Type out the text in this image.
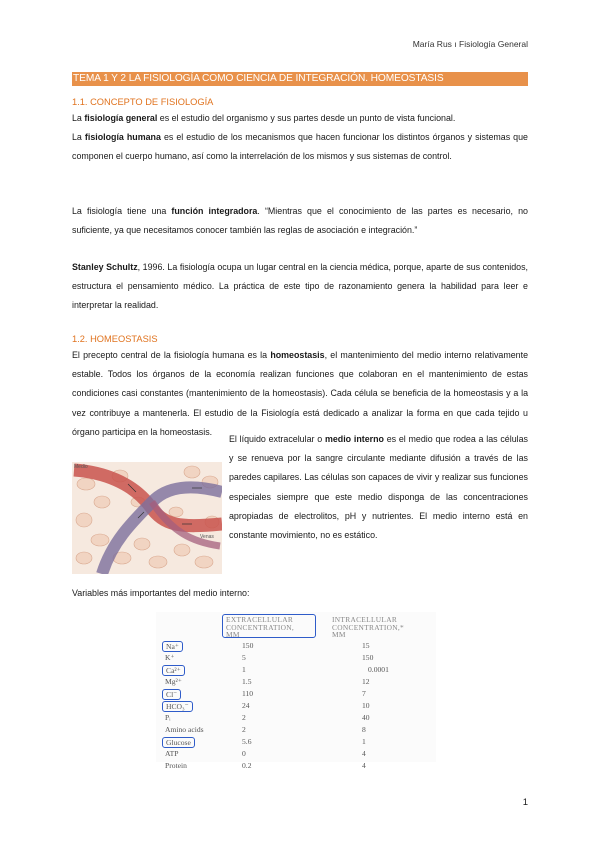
María Rus ı Fisiología General
TEMA 1 Y 2 LA FISIOLOGÍA COMO CIENCIA DE INTEGRACIÓN. HOMEOSTASIS
1.1. CONCEPTO DE FISIOLOGÍA

La fisiología general es el estudio del organismo y sus partes desde un punto de vista funcional.

La fisiología humana es el estudio de los mecanismos que hacen funcionar los distintos órganos y sistemas que componen el cuerpo humano, así como la interrelación de los mismos y sus sistemas de control.

La fisiología tiene una función integradora. “Mientras que el conocimiento de las partes es necesario, no suficiente, ya que necesitamos conocer también las reglas de asociación e integración.”

Stanley Schultz, 1996. La fisiología ocupa un lugar central en la ciencia médica, porque, aparte de sus contenidos, estructura el pensamiento médico. La práctica de este tipo de razonamiento genera la habilidad para leer e interpretar la realidad.

1.2. HOMEOSTASIS

El precepto central de la fisiología humana es la homeostasis, el mantenimiento del medio interno relativamente estable. Todos los órganos de la economía realizan funciones que colaboran en el mantenimiento de estas condiciones casi constantes (mantenimiento de la homeostasis). Cada célula se beneficia de la homeostasis y a la vez contribuye a mantenerla. El estudio de la Fisiología está dedicado a analizar la forma en que cada tejido u órgano participa en la homeostasis.

Medio
Venas

El líquido extracelular o medio interno es el medio que rodea a las células y se renueva por la sangre circulante mediante difusión a través de las paredes capilares. Las células son capaces de vivir y realizar sus funciones especiales siempre que este medio disponga de las concentraciones apropiadas de electrolitos, pH y nutrientes. El medio interno está en constante movimiento, no es estático.

Variables más importantes del medio interno:
EXTRACELLULAR
CONCENTRATION,
MM
INTRACELLULAR
CONCENTRATION,*
MM
Na⁺	150	15
K⁺	5	150
Ca²⁺	1	0.0001
Mg²⁺	1.5	12
Cl⁻	110	7
HCO₃⁻	24	10
Pᵢ	2	40
Amino acids	2	8
Glucose	5.6	1
ATP	0	4
Protein	0.2	4
1
